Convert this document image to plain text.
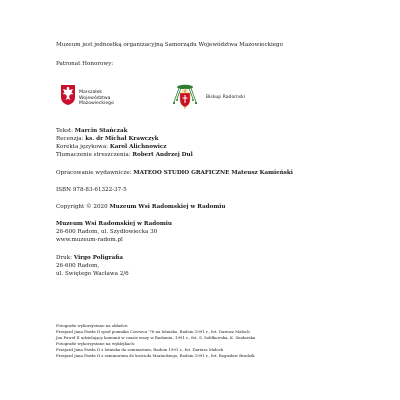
Muzeum jest jednostką organizacyjną Samorządu Województwa Mazowieckiego
Patronat Honorowy:
Marszałek
Województwa
Mazowieckiego
Biskup Radomski
Tekst: Marcin Stańczak
Recenzja: ks. dr Michał Krawczyk
Korekta językowa: Karol Alichnowicz
Tłumaczenie streszczenia: Robert Andrzej Dul
Opracowanie wydawnicze: MATEOO STUDIO GRAFICZNE Mateusz Kamieński
ISBN 978-83-61322-37-5
Copyright © 2020 Muzeum Wsi Radomskiej w Radomiu
Muzeum Wsi Radomskiej w Radomiu
26-600 Radom, ul. Szydłowiecka 30
www.muzeum-radom.pl
Druk: Virgo Poligrafia
26-600 Radom,
ul. Świętego Wacława 2/6
Fotografie wykorzystane na okładce:
Przejazd Jana Pawła II spod pomnika Czerwca '76 na lotnisko, Radom 1991 r., fot. Dariusz Małoch
Jan Paweł II udzielający komunii w czasie mszy w Radomiu, 1991 r., fot. S. Sołdkowska, K. Sindarska
Fotografie wykorzystane na wyklejkach:
Przejazd Jana Pawła II z lotniska do seminarium, Radom 1991 r., fot. Dariusz Małoch
Przejazd Jana Pawła II z seminarium do kościoła Mariackiego, Radom 1991 r., fot. Bogusław Brudzik
